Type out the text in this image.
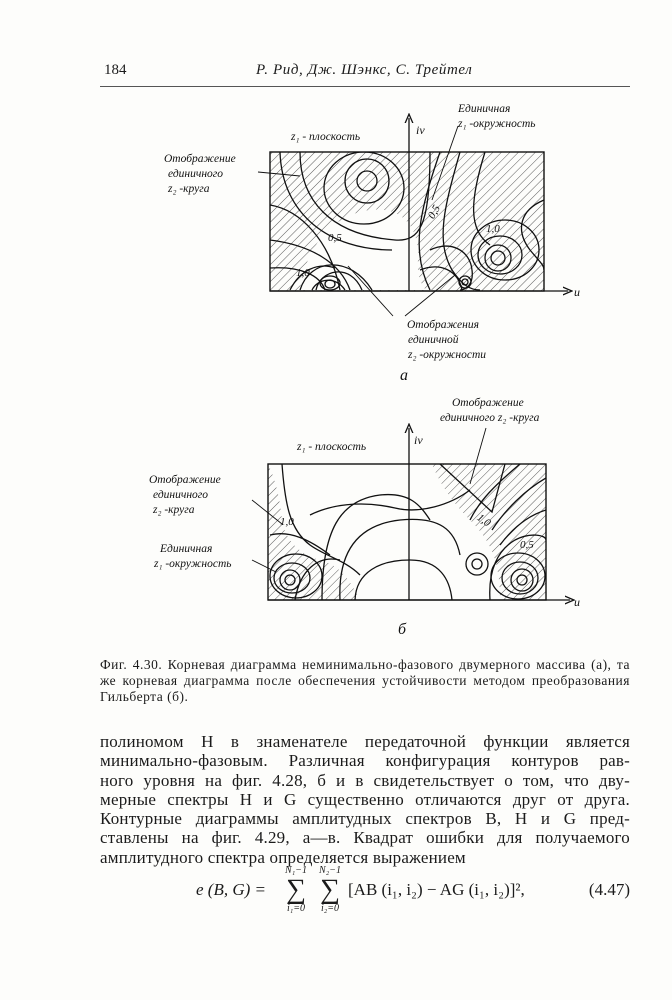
184	Р. Рид, Дж. Шэнкс, С. Трейтел
z₁ - плоскость	iv
u
Отображение
единичного
z₂ -круга
Единичная
z₁ -окружность
Отображения
единичной
z₂ -окружности
0,5
0,5
1,0
1,0
а
z₁ - плоскость	iv
u
Отображение
единичного z₂ -круга
Отображение
единичного
z₂ -круга
Единичная
z₁ -окружность
1,0	1,0
0,5
б
Фиг. 4.30. Корневая диаграмма неминимально-фазового двумерного массива (а), та же корневая диаграмма после обеспечения устойчивости методом преобразования Гильберта (б).
полиномом H в знаменателе передаточной функции является
минимально-фазовым. Различная конфигурация контуров рав-
ного уровня на фиг. 4.28, б и в свидетельствует о том, что дву-
мерные спектры H и G существенно отличаются друг от друга.
Контурные диаграммы амплитудных спектров B, H и G пред-
ставлены на фиг. 4.29, а—в. Квадрат ошибки для получаемого
амплитудного спектра определяется выражением
e (B, G) =
N₁−1
∑
i₁=0
N₂−1
∑
i₂=0
[AB (i₁, i₂) − AG (i₁, i₂)]²,	(4.47)
